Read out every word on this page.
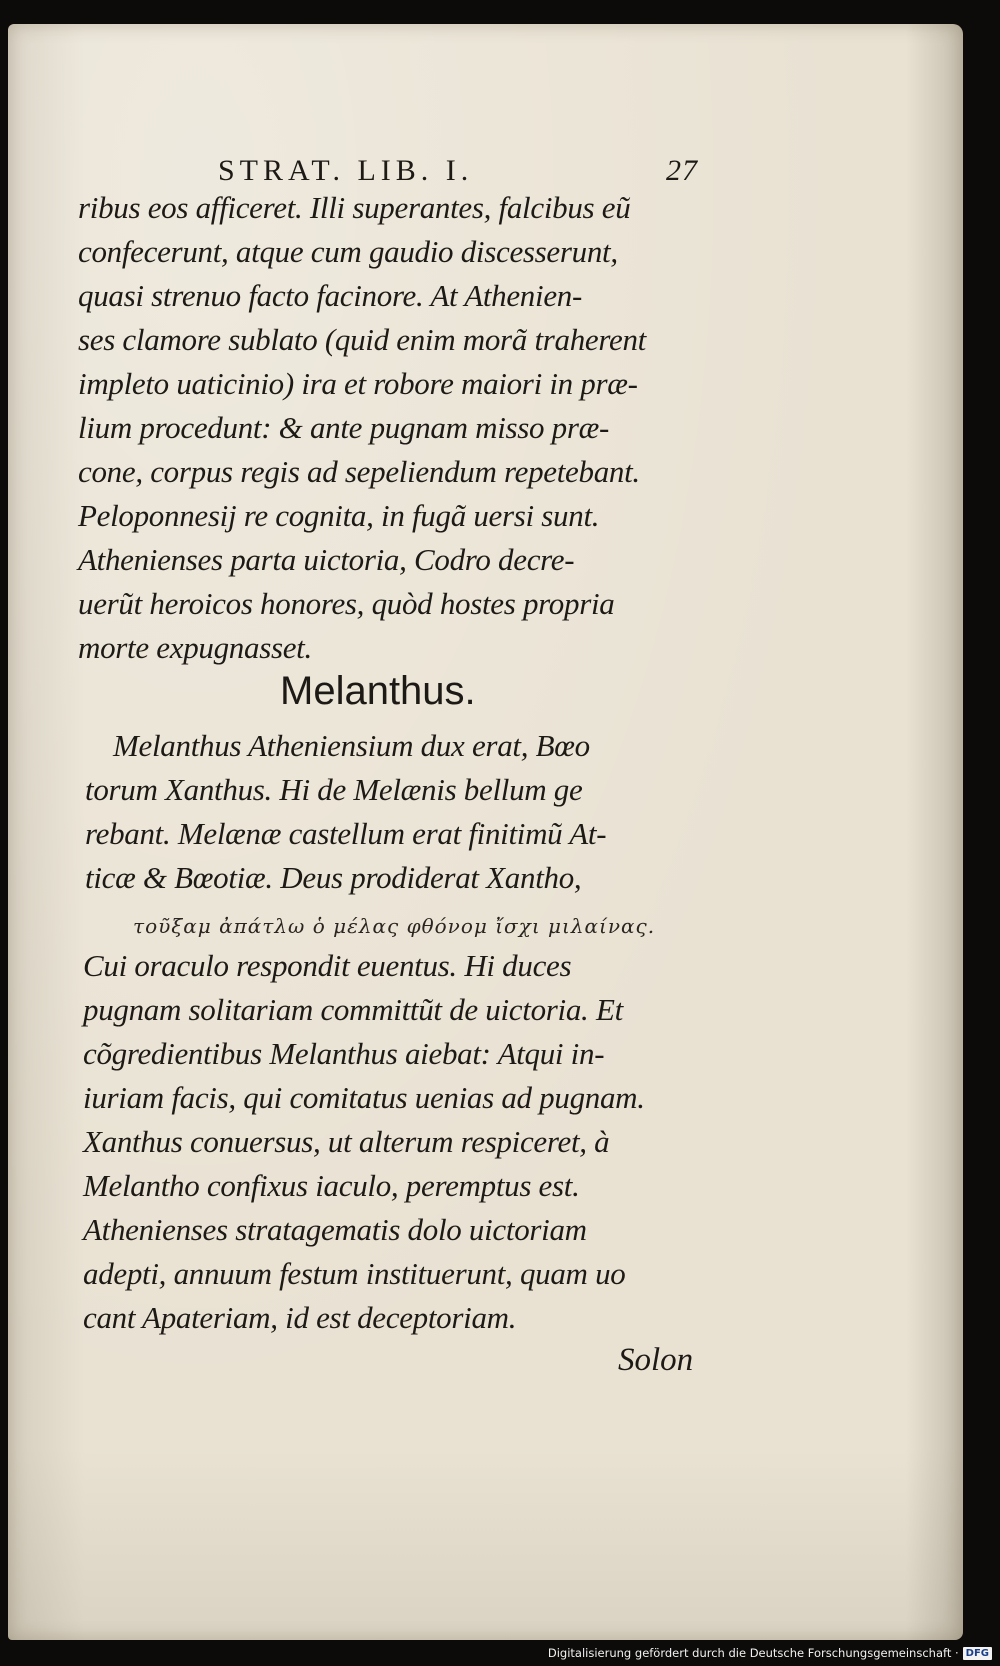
STRAT. LIB. I.	27
ribus eos afficeret. Illi superantes, falcibus eũ
confecerunt, atque cum gaudio discesserunt,
quasi strenuo facto facinore. At Athenien-
ses clamore sublato (quid enim morã traherent
impleto uaticinio) ira et robore maiori in præ-
lium procedunt: & ante pugnam misso præ-
cone, corpus regis ad sepeliendum repetebant.
Peloponnesij re cognita, in fugã uersi sunt.
Athenienses parta uictoria, Codro decre-
uerũt heroicos honores, quòd hostes propria
morte expugnasset.
Melanthus.
Melanthus Atheniensium dux erat, Bœo
torum Xanthus. Hi de Melænis bellum ge
rebant. Melænæ castellum erat finitimũ At-
ticæ & Bœotiæ. Deus prodiderat Xantho,
τοῦξαμ ἀπάτλω ὁ μέλας φθόνομ ἴσχι μιλαίνας.
Cui oraculo respondit euentus. Hi duces
pugnam solitariam committũt de uictoria. Et
cõgredientibus Melanthus aiebat: Atqui in-
iuriam facis, qui comitatus uenias ad pugnam.
Xanthus conuersus, ut alterum respiceret, à
Melantho confixus iaculo, peremptus est.
Athenienses stratagematis dolo uictoriam
adepti, annuum festum instituerunt, quam uo
cant Apateriam, id est deceptoriam.
Solon
Digitalisierung gefördert durch die Deutsche Forschungsgemeinschaft · DFG
